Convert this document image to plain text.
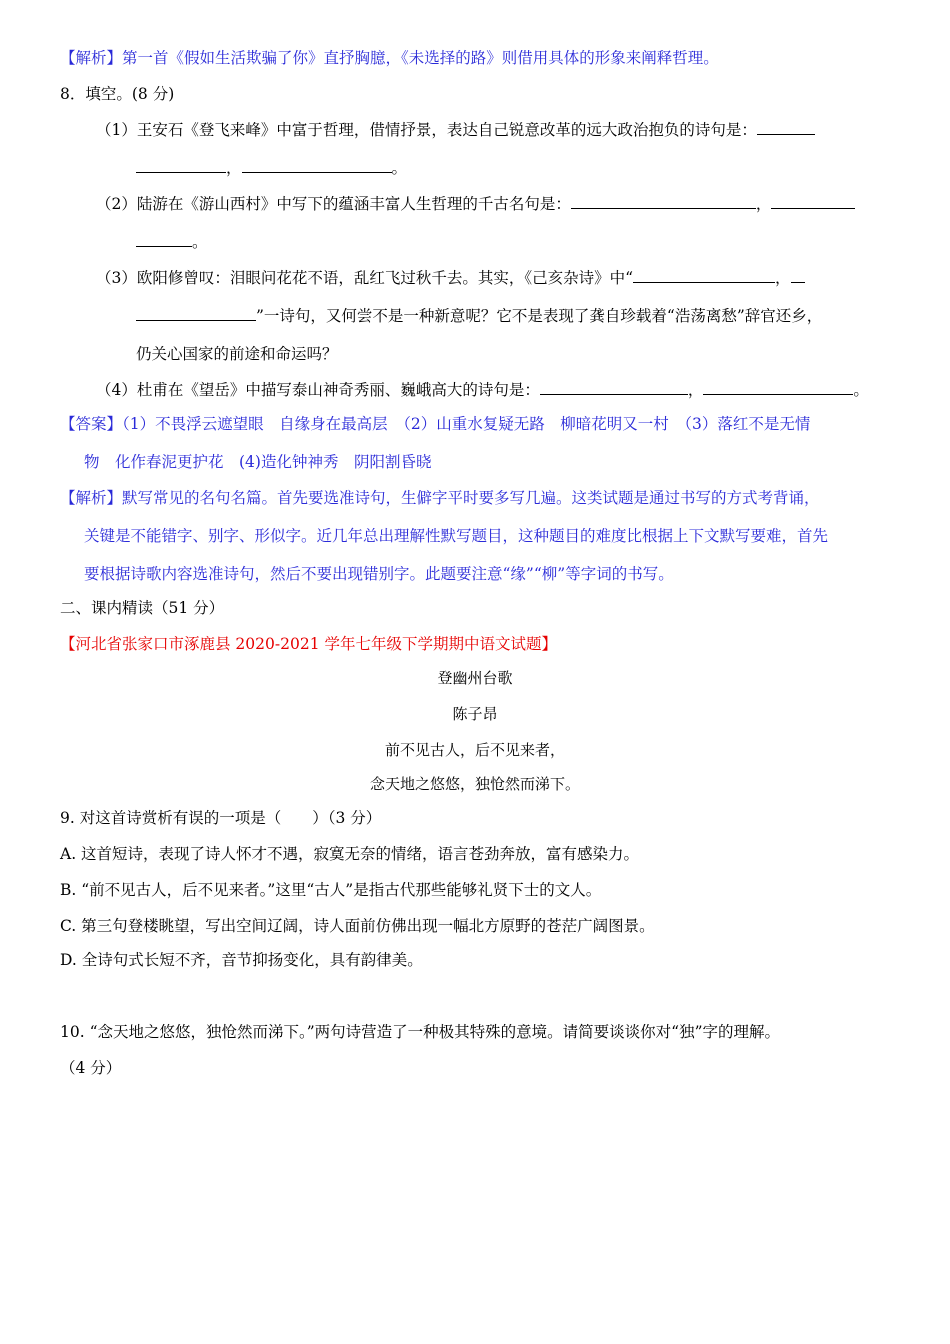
【解析】第一首《假如生活欺骗了你》直抒胸臆，《未选择的路》则借用具体的形象来阐释哲理。
8．填空。(8 分)
（1）王安石《登飞来峰》中富于哲理，借情抒景，表达自己锐意改革的远大政治抱负的诗句是：
，	。
（2）陆游在《游山西村》中写下的蕴涵丰富人生哲理的千古名句是：	，
。
（3）欧阳修曾叹：泪眼问花花不语，乱红飞过秋千去。其实，《己亥杂诗》中“	，
”一诗句，又何尝不是一种新意呢？它不是表现了龚自珍载着“浩荡离愁”辞官还乡，
仍关心国家的前途和命运吗？
（4）杜甫在《望岳》中描写泰山神奇秀丽、巍峨高大的诗句是：	，	。
【答案】（1）不畏浮云遮望眼　自缘身在最高层　（2）山重水复疑无路　柳暗花明又一村　（3）落红不是无情
物　化作春泥更护花　(4)造化钟神秀　阴阳割昏晓
【解析】默写常见的名句名篇。首先要选准诗句，生僻字平时要多写几遍。这类试题是通过书写的方式考背诵，
关键是不能错字、别字、形似字。近几年总出理解性默写题目，这种题目的难度比根据上下文默写要难，首先
要根据诗歌内容选准诗句，然后不要出现错别字。此题要注意“缘”“柳”等字词的书写。
二、课内精读（51 分）
【河北省张家口市涿鹿县 2020-2021 学年七年级下学期期中语文试题】
登幽州台歌
陈子昂
前不见古人，后不见来者，
念天地之悠悠，独怆然而涕下。
9. 对这首诗赏析有误的一项是（　　）（3 分）
A. 这首短诗，表现了诗人怀才不遇，寂寞无奈的情绪，语言苍劲奔放，富有感染力。
B. “前不见古人，后不见来者。”这里“古人”是指古代那些能够礼贤下士的文人。
C. 第三句登楼眺望，写出空间辽阔，诗人面前仿佛出现一幅北方原野的苍茫广阔图景。
D. 全诗句式长短不齐，音节抑扬变化，具有韵律美。
10. “念天地之悠悠，独怆然而涕下。”两句诗营造了一种极其特殊的意境。请简要谈谈你对“独”字的理解。
（4 分）
